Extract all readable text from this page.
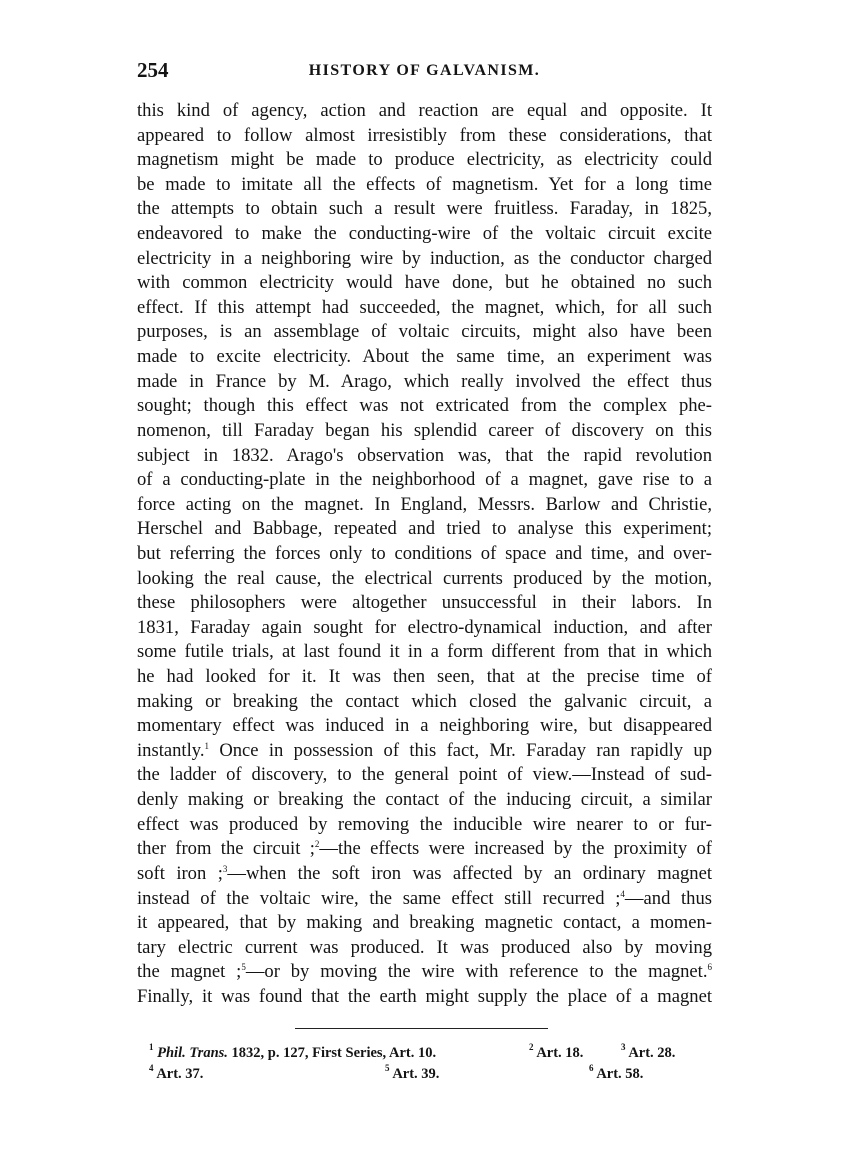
254	HISTORY OF GALVANISM.
this kind of agency, action and reaction are equal and opposite. It
appeared to follow almost irresistibly from these considerations, that
magnetism might be made to produce electricity, as electricity could
be made to imitate all the effects of magnetism. Yet for a long time
the attempts to obtain such a result were fruitless. Faraday, in 1825,
endeavored to make the conducting-wire of the voltaic circuit excite
electricity in a neighboring wire by induction, as the conductor charged
with common electricity would have done, but he obtained no such
effect. If this attempt had succeeded, the magnet, which, for all such
purposes, is an assemblage of voltaic circuits, might also have been
made to excite electricity. About the same time, an experiment was
made in France by M. Arago, which really involved the effect thus
sought; though this effect was not extricated from the complex phe-
nomenon, till Faraday began his splendid career of discovery on this
subject in 1832. Arago's observation was, that the rapid revolution
of a conducting-plate in the neighborhood of a magnet, gave rise to a
force acting on the magnet. In England, Messrs. Barlow and Christie,
Herschel and Babbage, repeated and tried to analyse this experiment;
but referring the forces only to conditions of space and time, and over-
looking the real cause, the electrical currents produced by the motion,
these philosophers were altogether unsuccessful in their labors. In
1831, Faraday again sought for electro-dynamical induction, and after
some futile trials, at last found it in a form different from that in which
he had looked for it. It was then seen, that at the precise time of
making or breaking the contact which closed the galvanic circuit, a
momentary effect was induced in a neighboring wire, but disappeared
instantly.$^1$ Once in possession of this fact, Mr. Faraday ran rapidly up
the ladder of discovery, to the general point of view.—Instead of sud-
denly making or breaking the contact of the inducing circuit, a similar
effect was produced by removing the inducible wire nearer to or fur-
ther from the circuit ;$^2$—the effects were increased by the proximity of
soft iron ;$^3$—when the soft iron was affected by an ordinary magnet
instead of the voltaic wire, the same effect still recurred ;$^4$—and thus
it appeared, that by making and breaking magnetic contact, a momen-
tary electric current was produced. It was produced also by moving
the magnet ;$^5$—or by moving the wire with reference to the magnet.$^6$
Finally, it was found that the earth might supply the place of a magnet
$^1$ Phil. Trans. 1832, p. 127, First Series, Art. 10.	$^2$ Art. 18.	$^3$ Art. 28.
$^4$ Art. 37.	$^5$ Art. 39.	$^6$ Art. 58.
